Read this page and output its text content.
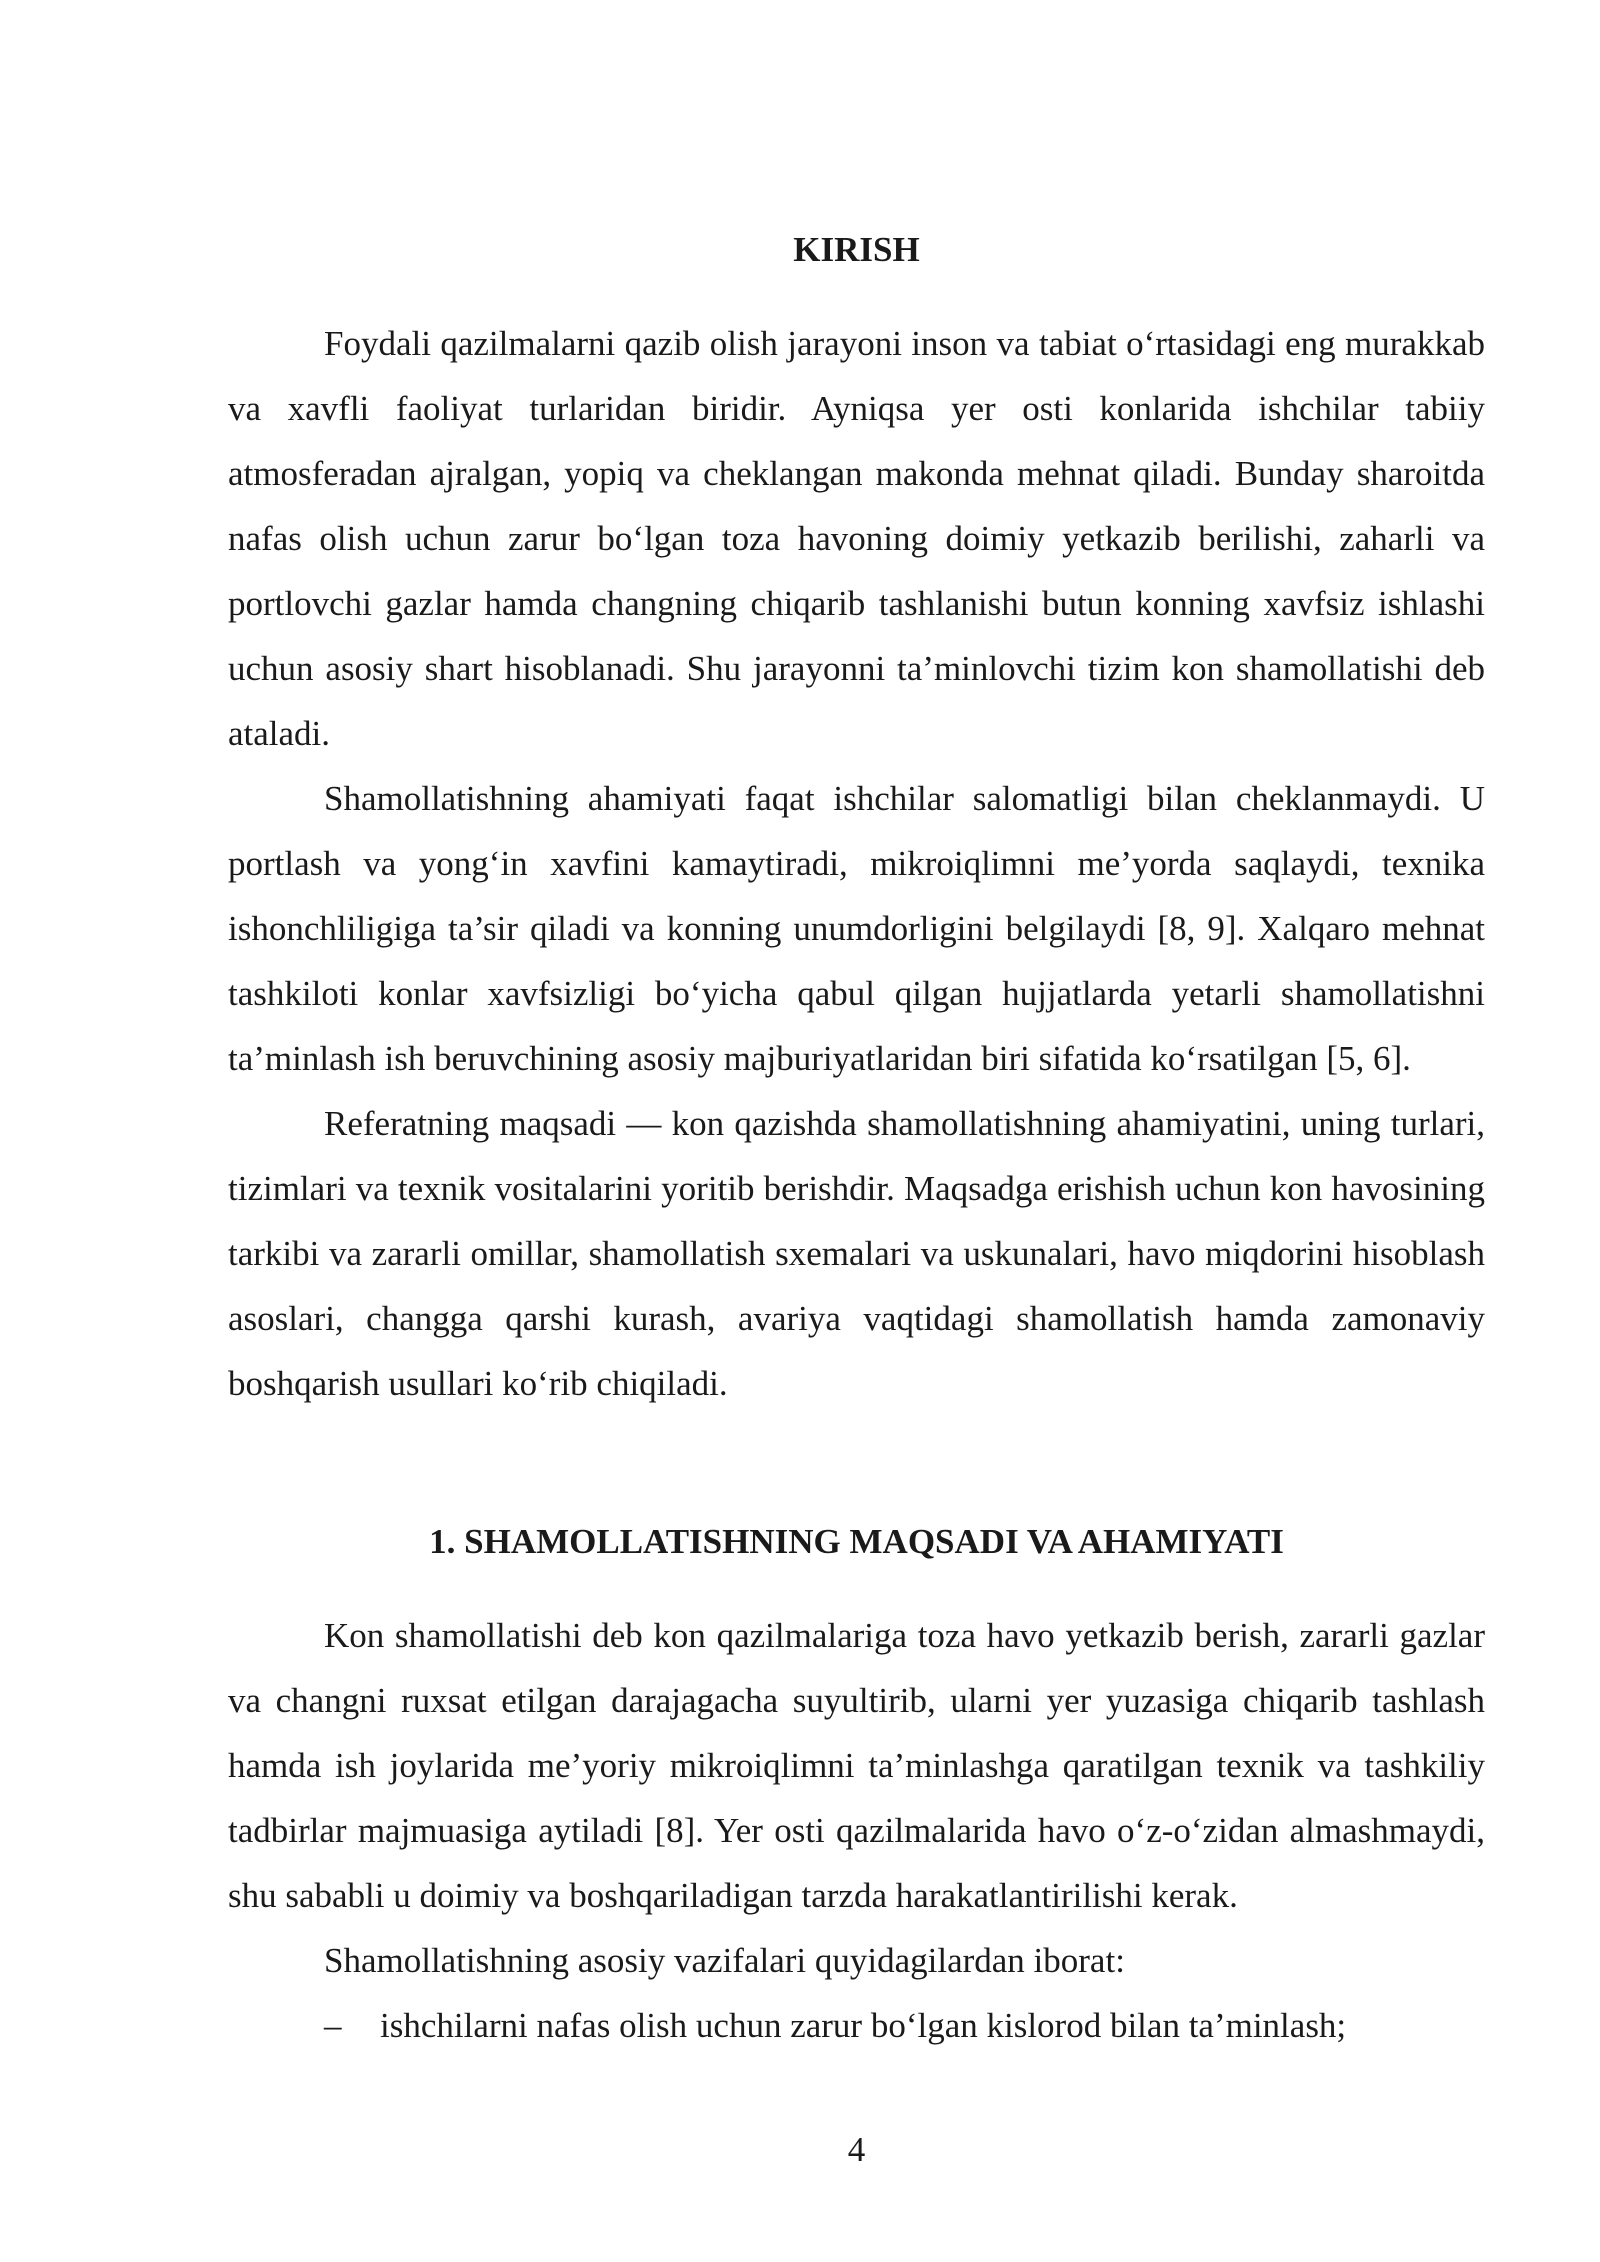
KIRISH

Foydali qazilmalarni qazib olish jarayoni inson va tabiat o‘rtasidagi eng murakkab va xavfli faoliyat turlaridan biridir. Ayniqsa yer osti konlarida ishchilar tabiiy atmosferadan ajralgan, yopiq va cheklangan makonda mehnat qiladi. Bunday sharoitda nafas olish uchun zarur bo‘lgan toza havoning doimiy yetkazib berilishi, zaharli va portlovchi gazlar hamda changning chiqarib tashlanishi butun konning xavfsiz ishlashi uchun asosiy shart hisoblanadi. Shu jarayonni ta’minlovchi tizim kon shamollatishi deb ataladi.

Shamollatishning ahamiyati faqat ishchilar salomatligi bilan cheklanmaydi. U portlash va yong‘in xavfini kamaytiradi, mikroiqlimni me’yorda saqlaydi, texnika ishonchliligiga ta’sir qiladi va konning unumdorligini belgilaydi [8, 9]. Xalqaro mehnat tashkiloti konlar xavfsizligi bo‘yicha qabul qilgan hujjatlarda yetarli shamollatishni ta’minlash ish beruvchining asosiy majburiyatlaridan biri sifatida ko‘rsatilgan [5, 6].

Referatning maqsadi — kon qazishda shamollatishning ahamiyatini, uning turlari, tizimlari va texnik vositalarini yoritib berishdir. Maqsadga erishish uchun kon havosining tarkibi va zararli omillar, shamollatish sxemalari va uskunalari, havo miqdorini hisoblash asoslari, changga qarshi kurash, avariya vaqtidagi shamollatish hamda zamonaviy boshqarish usullari ko‘rib chiqiladi.

1. SHAMOLLATISHNING MAQSADI VA AHAMIYATI

Kon shamollatishi deb kon qazilmalariga toza havo yetkazib berish, zararli gazlar va changni ruxsat etilgan darajagacha suyultirib, ularni yer yuzasiga chiqarib tashlash hamda ish joylarida me’yoriy mikroiqlimni ta’minlashga qaratilgan texnik va tashkiliy tadbirlar majmuasiga aytiladi [8]. Yer osti qazilmalarida havo o‘z-o‘zidan almashmaydi, shu sababli u doimiy va boshqariladigan tarzda harakatlantirilishi kerak.

Shamollatishning asosiy vazifalari quyidagilardan iborat:

–	ishchilarni nafas olish uchun zarur bo‘lgan kislorod bilan ta’minlash;

4
